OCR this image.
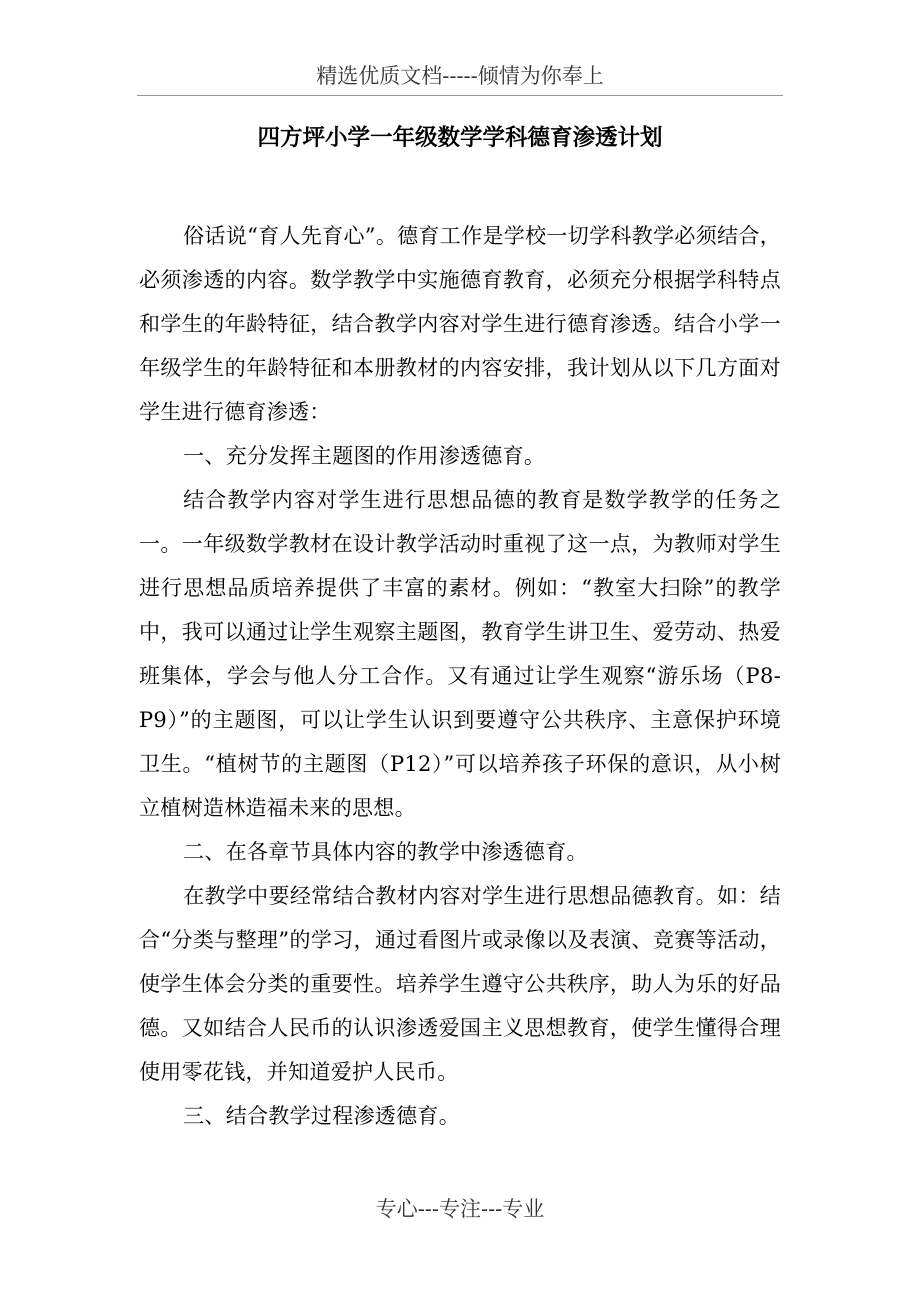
精选优质文档-----倾情为你奉上
四方坪小学一年级数学学科德育渗透计划

俗话说“育人先育心”。德育工作是学校一切学科教学必须结合，必须渗透的内容。数学教学中实施德育教育，必须充分根据学科特点和学生的年龄特征，结合教学内容对学生进行德育渗透。结合小学一年级学生的年龄特征和本册教材的内容安排，我计划从以下几方面对学生进行德育渗透：

一、充分发挥主题图的作用渗透德育。

结合教学内容对学生进行思想品德的教育是数学教学的任务之一。一年级数学教材在设计教学活动时重视了这一点，为教师对学生进行思想品质培养提供了丰富的素材。例如：“教室大扫除”的教学中，我可以通过让学生观察主题图，教育学生讲卫生、爱劳动、热爱班集体，学会与他人分工合作。又有通过让学生观察“游乐场（P8-P9）”的主题图，可以让学生认识到要遵守公共秩序、主意保护环境卫生。“植树节的主题图（P12）”可以培养孩子环保的意识，从小树立植树造林造福未来的思想。

二、在各章节具体内容的教学中渗透德育。

在教学中要经常结合教材内容对学生进行思想品德教育。如：结合“分类与整理”的学习，通过看图片或录像以及表演、竞赛等活动，使学生体会分类的重要性。培养学生遵守公共秩序，助人为乐的好品德。又如结合人民币的认识渗透爱国主义思想教育，使学生懂得合理使用零花钱，并知道爱护人民币。

三、结合教学过程渗透德育。

专心---专注---专业
